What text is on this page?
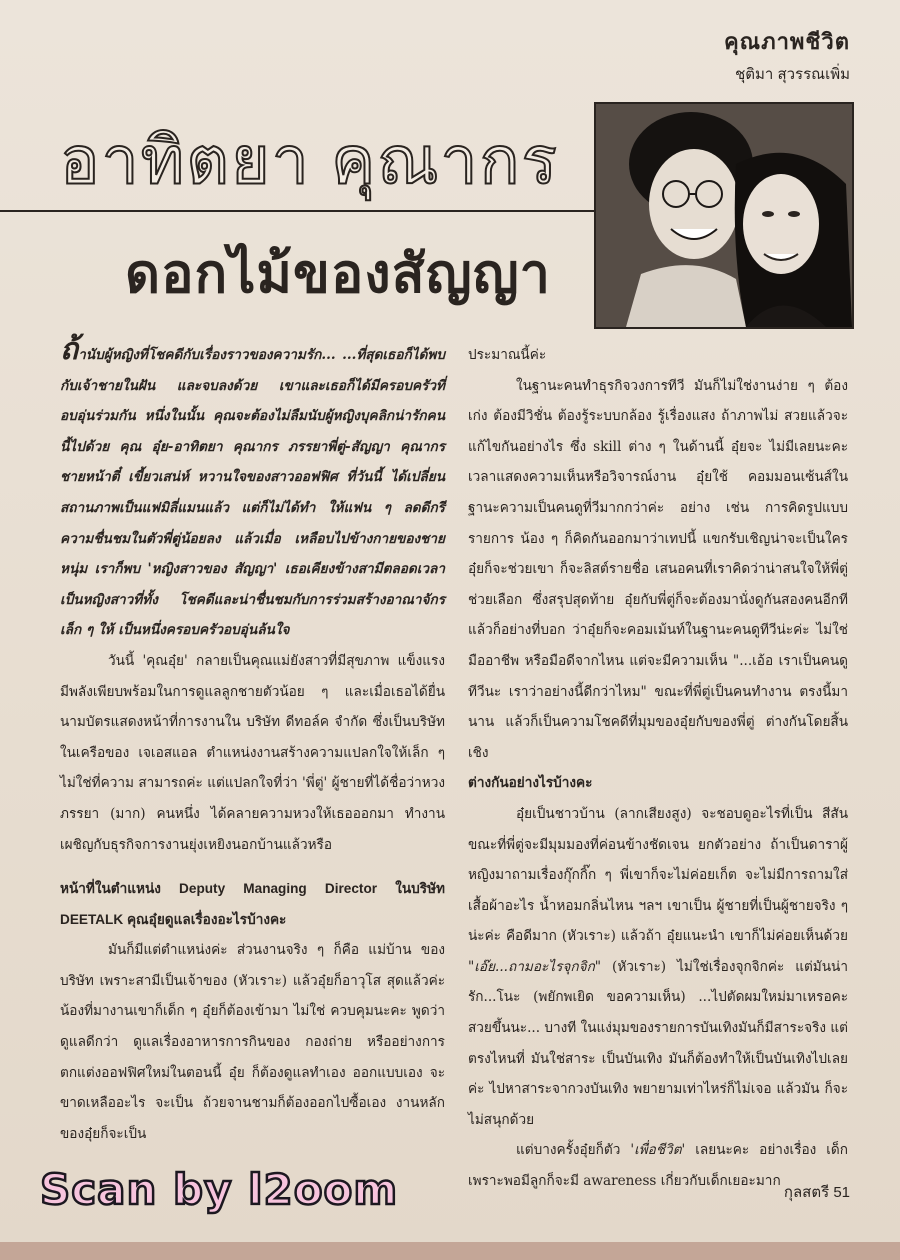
คุณภาพชีวิต
ชุติมา สุวรรณเพิ่ม
อาทิตยา คุณากร
ดอกไม้ของสัญญา

ถ้านับผู้หญิงที่โชคดีกับเรื่องราวของความรัก... ...ที่สุดเธอก็ได้พบกับเจ้าชายในฝัน และจบลงด้วย เขาและเธอก็ได้มีครอบครัวที่อบอุ่นร่วมกัน หนึ่งในนั้น คุณจะต้องไม่ลืมนับผู้หญิงบุคลิกน่ารักคนนี้ไปด้วย คุณ อุ๋ย-อาทิตยา คุณากร ภรรยาพี่ตู่-สัญญา คุณากร ชายหน้าตี๋ เขี้ยวเสน่ห์ หวานใจของสาวออฟฟิศ ที่วันนี้ ได้เปลี่ยนสถานภาพเป็นแฟมิลี่แมนแล้ว แต่ก็ไม่ได้ทำ ให้แฟน ๆ ลดดีกรีความชื่นชมในตัวพี่ตู่น้อยลง แล้วเมื่อ เหลือบไปข้างกายของชายหนุ่ม เราก็พบ 'หญิงสาวของ สัญญา' เธอเคียงข้างสามีตลอดเวลา เป็นหญิงสาวที่ทั้ง โชคดีและน่าชื่นชมกับการร่วมสร้างอาณาจักรเล็ก ๆ ให้ เป็นหนึ่งครอบครัวอบอุ่นล้นใจ

วันนี้ 'คุณอุ๋ย' กลายเป็นคุณแม่ยังสาวที่มีสุขภาพ แข็งแรง มีพลังเพียบพร้อมในการดูแลลูกชายตัวน้อย ๆ และเมื่อเธอได้ยื่นนามบัตรแสดงหน้าที่การงานใน บริษัท ดีทอล์ค จำกัด ซึ่งเป็นบริษัทในเครือของ เจเอสแอล ตำแหน่งงานสร้างความแปลกใจให้เล็ก ๆ ไม่ใช่ที่ความ สามารถค่ะ แต่แปลกใจที่ว่า 'พี่ตู่' ผู้ชายที่ได้ชื่อว่าหวง ภรรยา (มาก) คนหนึ่ง ได้คลายความหวงให้เธอออกมา ทำงานเผชิญกับธุรกิจการงานยุ่งเหยิงนอกบ้านแล้วหรือ

หน้าที่ในตำแหน่ง Deputy Managing Director ในบริษัท DEETALK คุณอุ๋ยดูแลเรื่องอะไรบ้างคะ

มันก็มีแต่ตำแหน่งค่ะ ส่วนงานจริง ๆ ก็คือ แม่บ้าน ของบริษัท เพราะสามีเป็นเจ้าของ (หัวเราะ) แล้วอุ๋ยก็อาวุโส สุดแล้วค่ะ น้องที่มางานเขาก็เด็ก ๆ อุ๋ยก็ต้องเข้ามา ไม่ใช่ ควบคุมนะคะ พูดว่าดูแลดีกว่า ดูแลเรื่องอาหารการกินของ กองถ่าย หรืออย่างการตกแต่งออฟฟิศใหม่ในตอนนี้ อุ๋ย ก็ต้องดูแลทำเอง ออกแบบเอง จะขาดเหลืออะไร จะเป็น ถ้วยจานชามก็ต้องออกไปซื้อเอง งานหลักของอุ๋ยก็จะเป็น

ประมาณนี้ค่ะ

ในฐานะคนทำธุรกิจวงการทีวี มันก็ไม่ใช่งานง่าย ๆ ต้องเก่ง ต้องมีวิชั่น ต้องรู้ระบบกล้อง รู้เรื่องแสง ถ้าภาพไม่ สวยแล้วจะแก้ไขกันอย่างไร ซึ่ง skill ต่าง ๆ ในด้านนี้ อุ๋ยจะ ไม่มีเลยนะคะ เวลาแสดงความเห็นหรือวิจารณ์งาน อุ๋ยใช้ คอมมอนเซ้นส์ในฐานะความเป็นคนดูที่วีมากกว่าค่ะ อย่าง เช่น การคิดรูปแบบรายการ น้อง ๆ ก็คิดกันออกมาว่าเทปนี้ แขกรับเชิญน่าจะเป็นใคร อุ๋ยก็จะช่วยเขา ก็จะลิสต์รายชื่อ เสนอคนที่เราคิดว่าน่าสนใจให้พี่ตู่ช่วยเลือก ซึ่งสรุปสุดท้าย อุ๋ยกับพี่ตู่ก็จะต้องมานั่งดูกันสองคนอีกที แล้วก็อย่างที่บอก ว่าอุ๋ยก็จะคอมเม้นท์ในฐานะคนดูทีวีน่ะค่ะ ไม่ใช่มืออาชีพ หรือมือดีจากไหน แต่จะมีความเห็น "...เอ้อ เราเป็นคนดู ทีวีนะ เราว่าอย่างนี้ดีกว่าไหม" ขณะที่พี่ตู่เป็นคนทำงาน ตรงนี้มานาน แล้วก็เป็นความโชคดีที่มุมของอุ๋ยกับของพี่ตู่ ต่างกันโดยสิ้นเชิง

ต่างกันอย่างไรบ้างคะ

อุ๋ยเป็นชาวบ้าน (ลากเสียงสูง) จะชอบดูอะไรที่เป็น สีสัน ขณะที่พี่ตู่จะมีมุมมองที่ค่อนข้างชัดเจน ยกตัวอย่าง ถ้าเป็นดาราผู้หญิงมาถามเรื่องกุ๊กกิ๊ก ๆ พี่เขาก็จะไม่ค่อยเก็ต จะไม่มีการถามใส่เสื้อผ้าอะไร น้ำหอมกลิ่นไหน ฯลฯ เขาเป็น ผู้ชายที่เป็นผู้ชายจริง ๆ น่ะค่ะ คือดีมาก (หัวเราะ) แล้วถ้า อุ๋ยแนะนำ เขาก็ไม่ค่อยเห็นด้วย "เอ๊ย...ถามอะไรจุกจิก" (หัวเราะ) ไม่ใช่เรื่องจุกจิกค่ะ แต่มันน่ารัก...โนะ (พยักพเยิด ขอความเห็น) ...ไปตัดผมใหม่มาเหรอคะ สวยขึ้นนะ... บางที ในแง่มุมของรายการบันเทิงมันก็มีสาระจริง แต่ตรงไหนที่ มันใช่สาระ เป็นบันเทิง มันก็ต้องทำให้เป็นบันเทิงไปเลยค่ะ ไปหาสาระจากวงบันเทิง พยายามเท่าไหร่ก็ไม่เจอ แล้วมัน ก็จะไม่สนุกด้วย

แต่บางครั้งอุ๋ยก็ตัว 'เพื่อชีวิต' เลยนะคะ อย่างเรื่อง เด็ก เพราะพอมีลูกก็จะมี awareness เกี่ยวกับเด็กเยอะมาก

กุลสตรี 51
Scan by l2oom
